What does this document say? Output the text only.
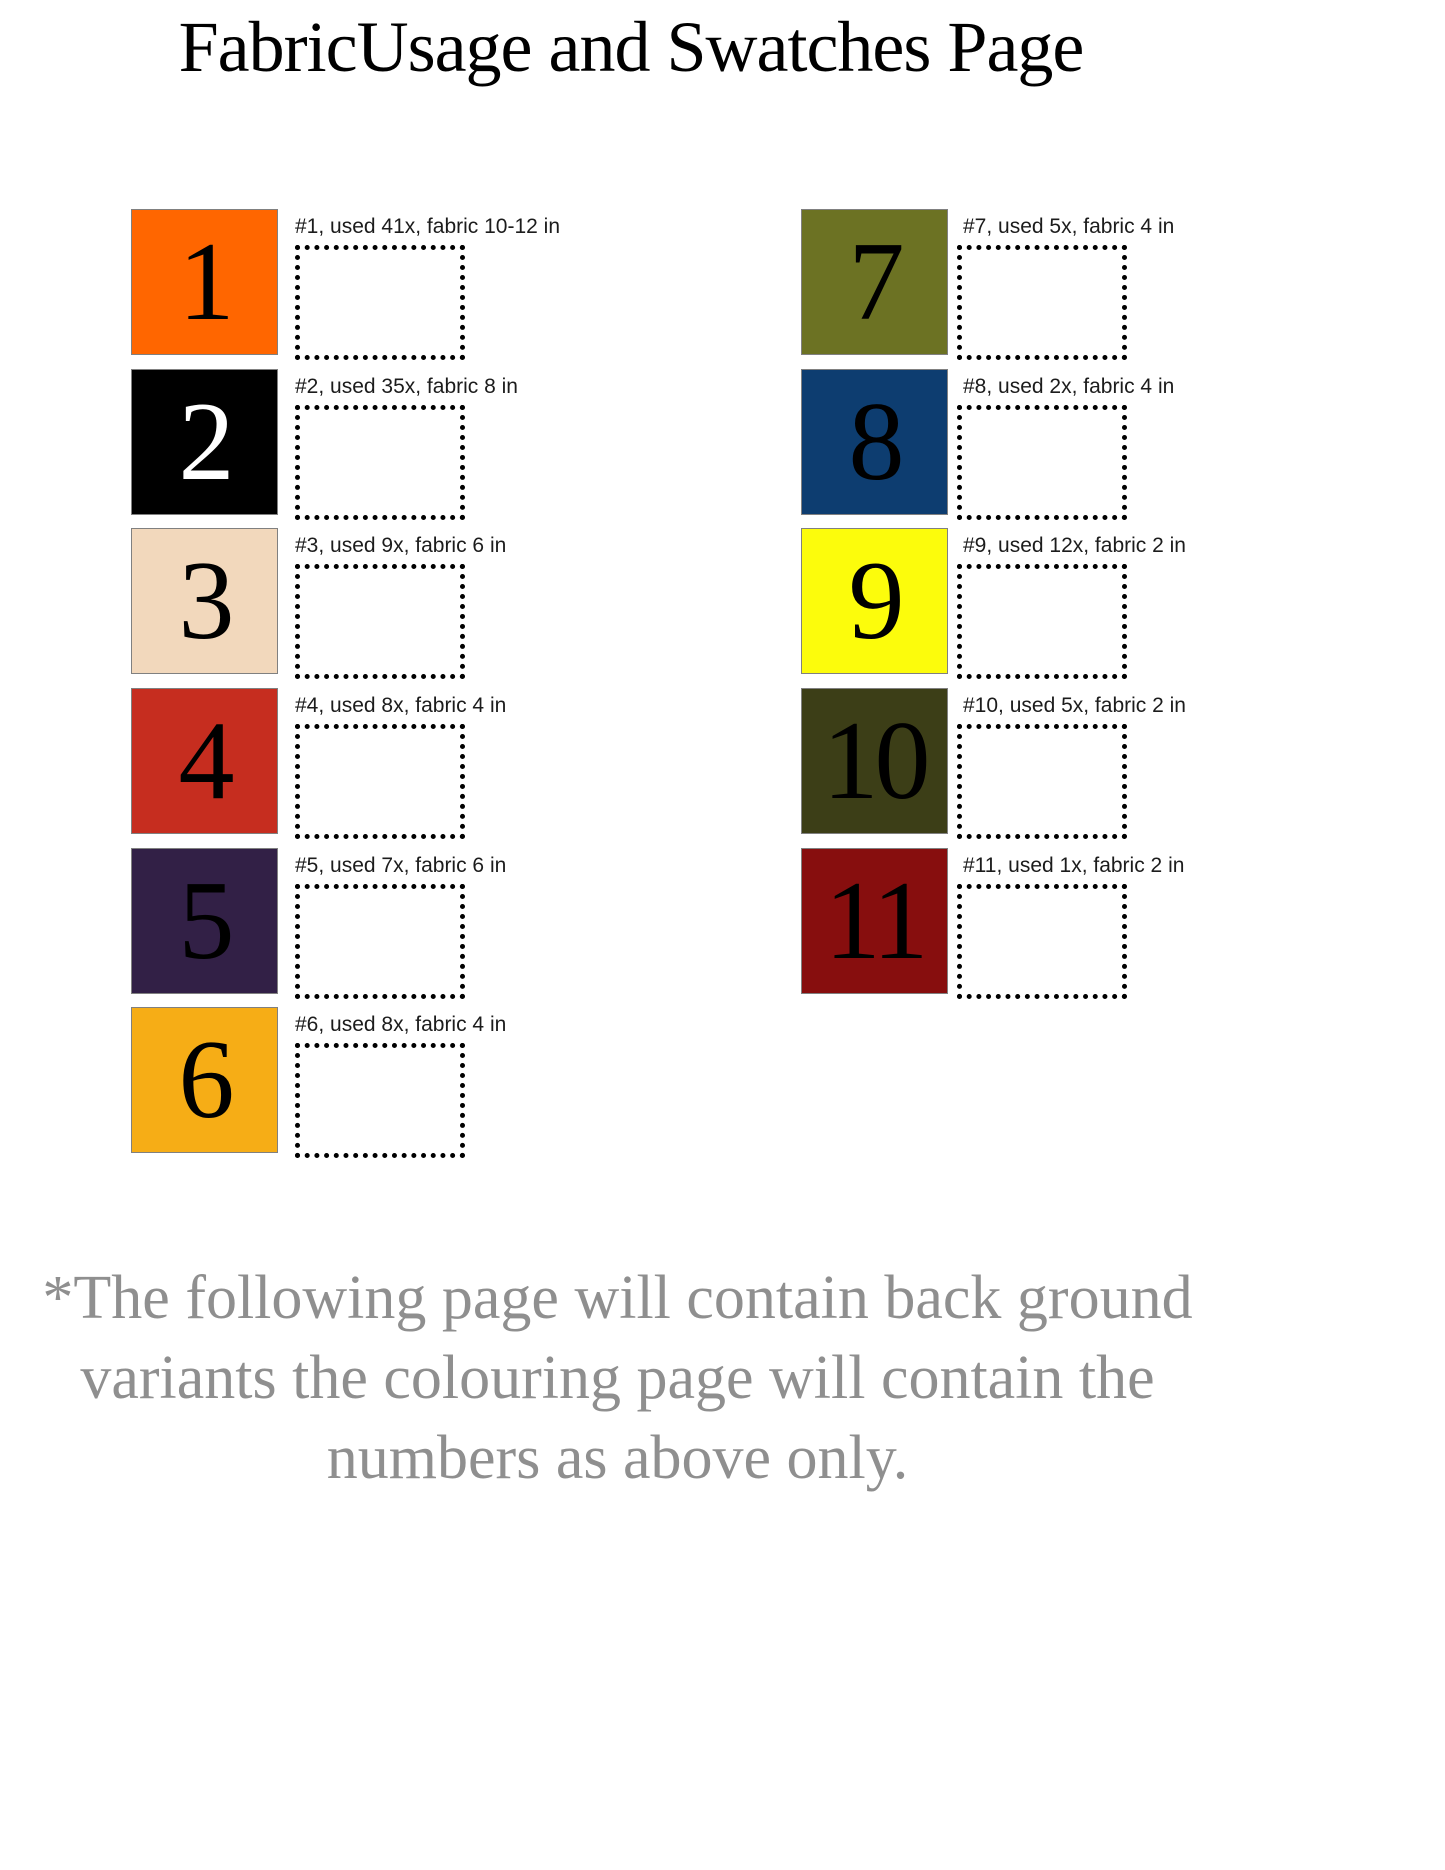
FabricUsage and Swatches Page
1	#1, used 41x, fabric 10-12 in
2	#2, used 35x, fabric 8 in
3	#3, used 9x, fabric 6 in
4	#4, used 8x, fabric 4 in
5	#5, used 7x, fabric 6 in
6	#6, used 8x, fabric 4 in
7	#7, used 5x, fabric 4 in
8	#8, used 2x, fabric 4 in
9	#9, used 12x, fabric 2 in
10 #10, used 5x, fabric 2 in
11 #11, used 1x, fabric 2 in
*The following page will contain back ground
variants the colouring page will contain the
numbers as above only.
